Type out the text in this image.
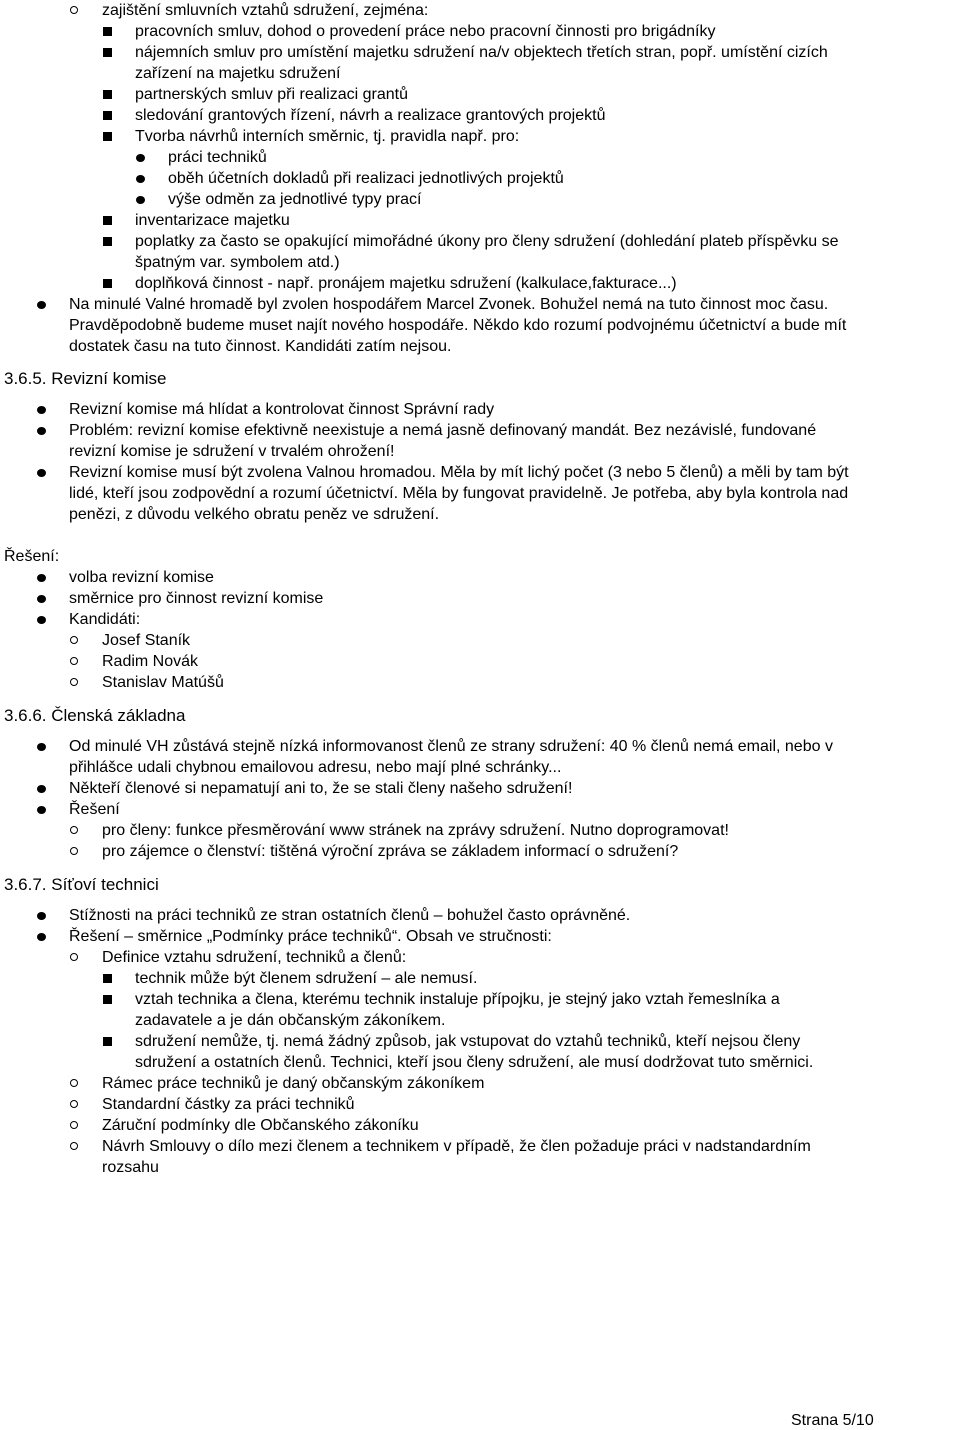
zajištění smluvních vztahů sdružení, zejména:
pracovních smluv, dohod o provedení práce nebo pracovní činnosti pro brigádníky
nájemních smluv pro umístění majetku sdružení na/v objektech třetích stran, popř. umístění cizích
zařízení na majetku sdružení
partnerských smluv při realizaci grantů
sledování grantových řízení, návrh a realizace grantových projektů
Tvorba návrhů interních směrnic, tj. pravidla např. pro:
práci techniků
oběh účetních dokladů při realizaci jednotlivých projektů
výše odměn za jednotlivé typy prací
inventarizace majetku
poplatky za často se opakující mimořádné úkony pro členy sdružení (dohledání plateb příspěvku se
špatným var. symbolem atd.)
doplňková činnost - např. pronájem majetku sdružení (kalkulace,fakturace...)
Na minulé Valné hromadě byl zvolen hospodářem Marcel Zvonek. Bohužel nemá na tuto činnost moc času.
Pravděpodobně budeme muset najít nového hospodáře. Někdo kdo rozumí podvojnému účetnictví a bude mít
dostatek času na tuto činnost. Kandidáti zatím nejsou.
3.6.5. Revizní komise
Revizní komise má hlídat a kontrolovat činnost Správní rady
Problém: revizní komise efektivně neexistuje a nemá jasně definovaný mandát. Bez nezávislé, fundované
revizní komise je sdružení v trvalém ohrožení!
Revizní komise musí být zvolena Valnou hromadou. Měla by mít lichý počet (3 nebo 5 členů) a měli by tam být
lidé, kteří jsou zodpovědní a rozumí účetnictví. Měla by fungovat pravidelně. Je potřeba, aby byla kontrola nad
penězi, z důvodu velkého obratu peněz ve sdružení.
Řešení:
volba revizní komise
směrnice pro činnost revizní komise
Kandidáti:
Josef Staník
Radim Novák
Stanislav Matúšů
3.6.6. Členská základna
Od minulé VH zůstává stejně nízká informovanost členů ze strany sdružení: 40 % členů nemá email, nebo v
přihlášce udali chybnou emailovou adresu, nebo mají plné schránky...
Někteří členové si nepamatují ani to, že se stali členy našeho sdružení!
Řešení
pro členy: funkce přesměrování www stránek na zprávy sdružení. Nutno doprogramovat!
pro zájemce o členství: tištěná výroční zpráva se základem informací o sdružení?
3.6.7. Síťoví technici
Stížnosti na práci techniků ze stran ostatních členů – bohužel často oprávněné.
Řešení – směrnice „Podmínky práce techniků“. Obsah ve stručnosti:
Definice vztahu sdružení, techniků a členů:
technik může být členem sdružení – ale nemusí.
vztah technika a člena, kterému technik instaluje přípojku, je stejný jako vztah řemeslníka a
zadavatele a je dán občanským zákoníkem.
sdružení nemůže, tj. nemá žádný způsob, jak vstupovat do vztahů techniků, kteří nejsou členy
sdružení a ostatních členů. Technici, kteří jsou členy sdružení, ale musí dodržovat tuto směrnici.
Rámec práce techniků je daný občanským zákoníkem
Standardní částky za práci techniků
Záruční podmínky dle Občanského zákoníku
Návrh Smlouvy o dílo mezi členem a technikem v případě, že člen požaduje práci v nadstandardním
rozsahu
Strana 5/10
